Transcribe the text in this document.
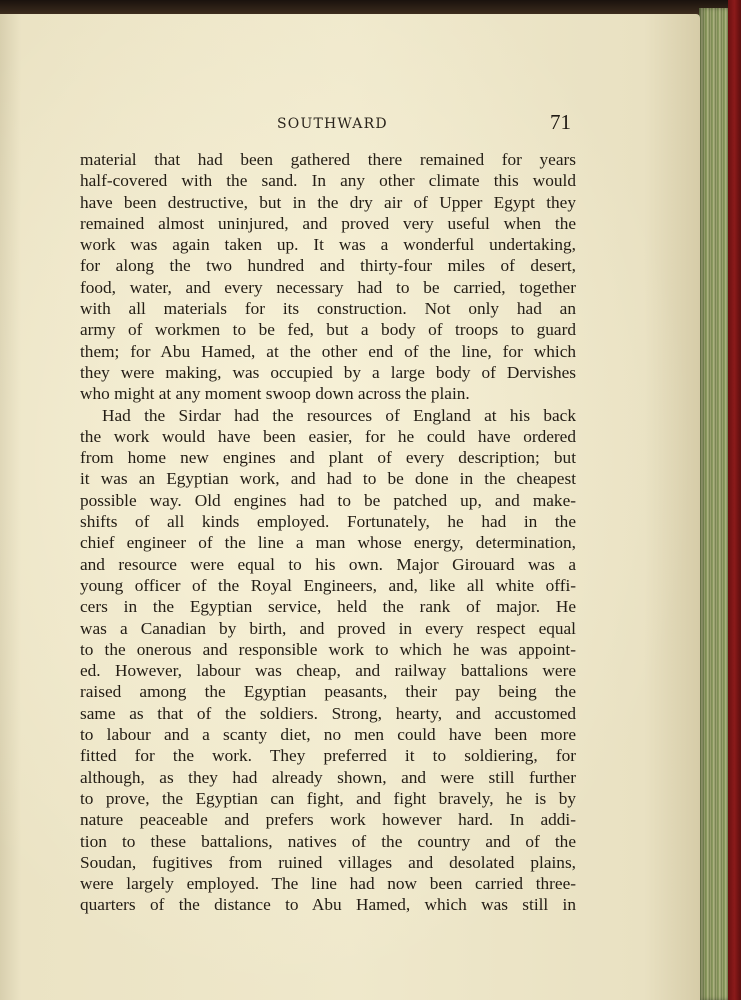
SOUTHWARD	71
material that had been gathered there remained for years
half-covered with the sand. In any other climate this would
have been destructive, but in the dry air of Upper Egypt they
remained almost uninjured, and proved very useful when the
work was again taken up. It was a wonderful undertaking,
for along the two hundred and thirty-four miles of desert,
food, water, and every necessary had to be carried, together
with all materials for its construction. Not only had an
army of workmen to be fed, but a body of troops to guard
them; for Abu Hamed, at the other end of the line, for which
they were making, was occupied by a large body of Dervishes
who might at any moment swoop down across the plain.
Had the Sirdar had the resources of England at his back
the work would have been easier, for he could have ordered
from home new engines and plant of every description; but
it was an Egyptian work, and had to be done in the cheapest
possible way. Old engines had to be patched up, and make-
shifts of all kinds employed. Fortunately, he had in the
chief engineer of the line a man whose energy, determination,
and resource were equal to his own. Major Girouard was a
young officer of the Royal Engineers, and, like all white offi-
cers in the Egyptian service, held the rank of major. He
was a Canadian by birth, and proved in every respect equal
to the onerous and responsible work to which he was appoint-
ed. However, labour was cheap, and railway battalions were
raised among the Egyptian peasants, their pay being the
same as that of the soldiers. Strong, hearty, and accustomed
to labour and a scanty diet, no men could have been more
fitted for the work. They preferred it to soldiering, for
although, as they had already shown, and were still further
to prove, the Egyptian can fight, and fight bravely, he is by
nature peaceable and prefers work however hard. In addi-
tion to these battalions, natives of the country and of the
Soudan, fugitives from ruined villages and desolated plains,
were largely employed. The line had now been carried three-
quarters of the distance to Abu Hamed, which was still in
